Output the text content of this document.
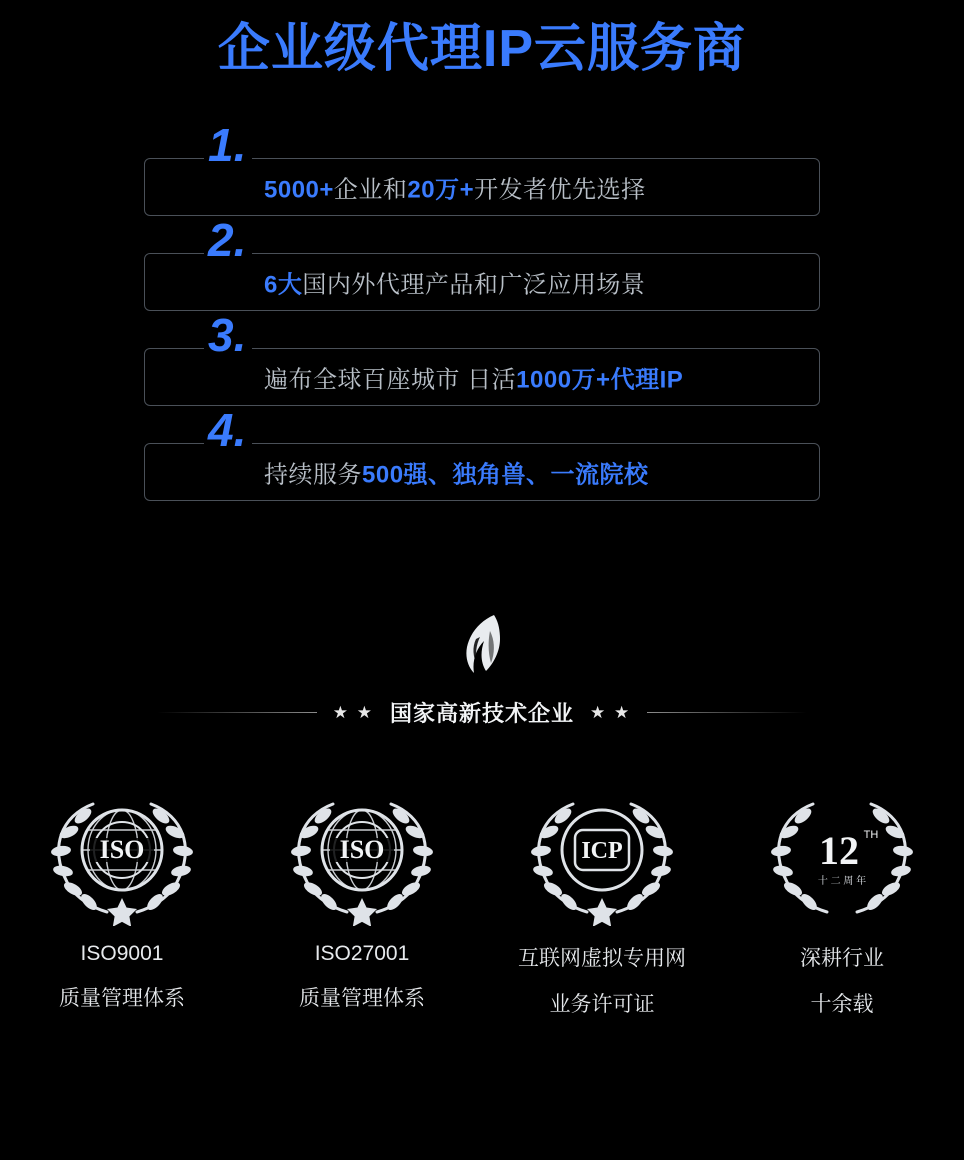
企业级代理IP云服务商
1.
5000+企业和20万+开发者优先选择
2.
6大国内外代理产品和广泛应用场景
3.
遍布全球百座城市 日活1000万+代理IP
4.
持续服务500强、独角兽、一流院校
★ ★ 国家高新技术企业 ★ ★
ISO
ISO9001
质量管理体系
ISO
ISO27001
质量管理体系
ICP
互联网虚拟专用网
业务许可证
12 TH
十 二 周 年
深耕行业
十余载
